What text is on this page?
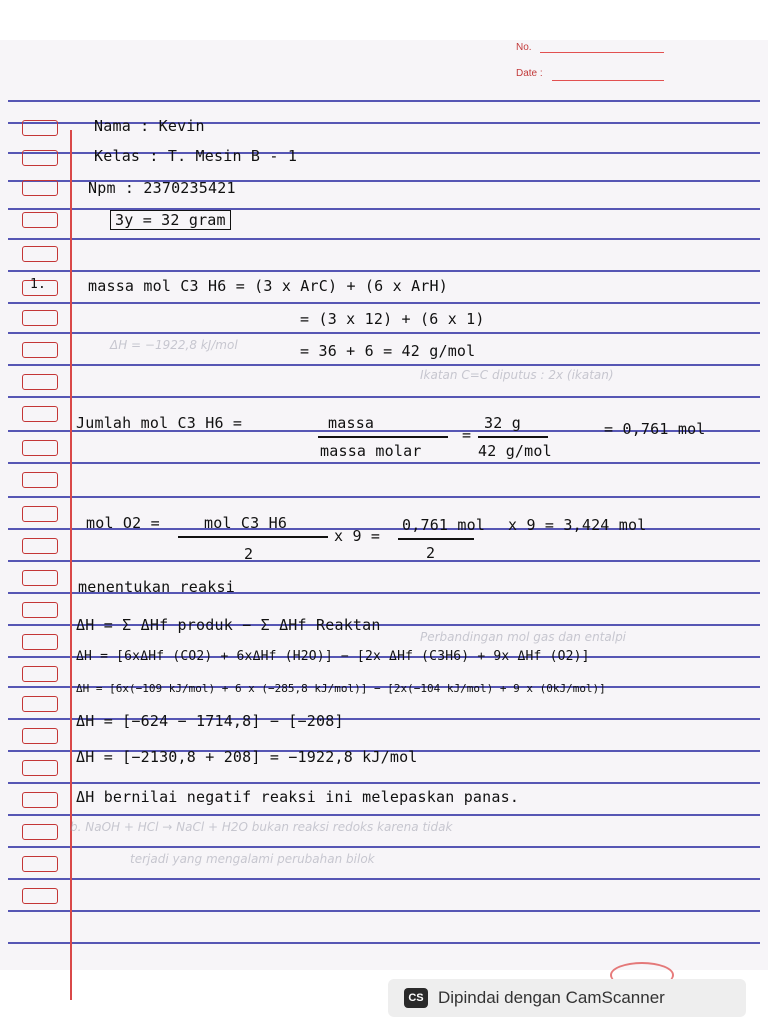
No.
Date :
ΔH = −1922,8 kJ/mol
Ikatan C=C diputus : 2x (ikatan)
Perbandingan mol gas dan entalpi
b. NaOH + HCl → NaCl + H2O bukan reaksi redoks karena tidak
terjadi yang mengalami perubahan bilok
Nama : Kevin
Kelas : T. Mesin B - 1
Npm : 2370235421
3y = 32 gram
1.	massa mol C3 H6 = (3 x ArC) + (6 x ArH)
= (3 x 12) + (6 x 1)
= 36 + 6 = 42 g/mol
Jumlah mol C3 H6 =	massa
massa molar
=
32 g
42 g/mol
= 0,761 mol
mol O2 =	mol C3 H6
2
x 9 =
0,761 mol
2
x 9 = 3,424 mol
menentukan reaksi
ΔH = Σ ΔHf produk − Σ ΔHf Reaktan
ΔH = [6xΔHf (CO2) + 6xΔHf (H2O)] − [2x ΔHf (C3H6) + 9x ΔHf (O2)]
ΔH = [6x(−109 kJ/mol) + 6 x (−285,8 kJ/mol)] − [2x(−104 kJ/mol) + 9 x (0kJ/mol)]
ΔH = [−624 − 1714,8] − [−208]
ΔH = [−2130,8 + 208] = −1922,8 kJ/mol
ΔH bernilai negatif reaksi ini melepaskan panas.
CS Dipindai dengan CamScanner
